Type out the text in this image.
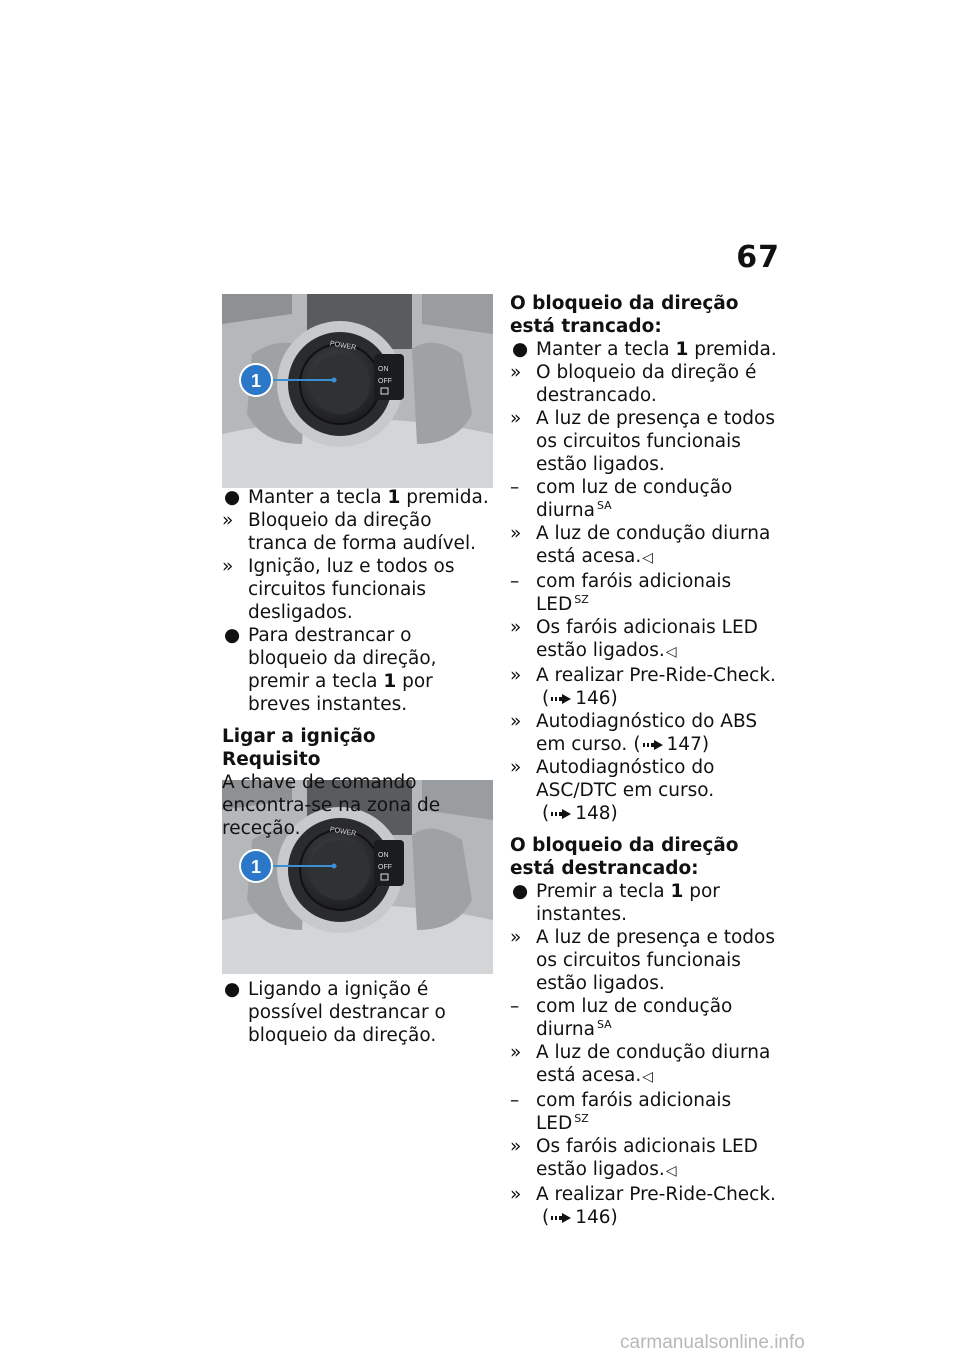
67
POWER
ON
OFF
1
POWER
ON
OFF
1
● Manter a tecla 1 premida.
» Bloqueio da direção tranca de forma audível.
» Ignição, luz e todos os circuitos funcionais desligados.
● Para destrancar o bloqueio da direção, premir a tecla 1 por breves instantes.
Ligar a ignição
Requisito
A chave de comando encontra-se na zona de receção.
● Ligando a ignição é possível destrancar o bloqueio da direção.
O bloqueio da direção está trancado:
● Manter a tecla 1 premida.
» O bloqueio da direção é destrancado.
» A luz de presença e todos os circuitos funcionais estão ligados.
– com luz de condução diurna $^{SA}$
» A luz de condução diurna está acesa.◁
– com faróis adicionais LED $^{SZ}$
» Os faróis adicionais LED estão ligados.◁
» A realizar Pre-Ride-Check.( 146)
» Autodiagnóstico do ABS em curso. ( 147)
» Autodiagnóstico do ASC/DTC em curso.( 148)
O bloqueio da direção está destrancado:
● Premir a tecla 1 por instantes.
» A luz de presença e todos os circuitos funcionais estão ligados.
– com luz de condução diurna $^{SA}$
» A luz de condução diurna está acesa.◁
– com faróis adicionais LED $^{SZ}$
» Os faróis adicionais LED estão ligados.◁
» A realizar Pre-Ride-Check.( 146)
carmanualsonline.info
